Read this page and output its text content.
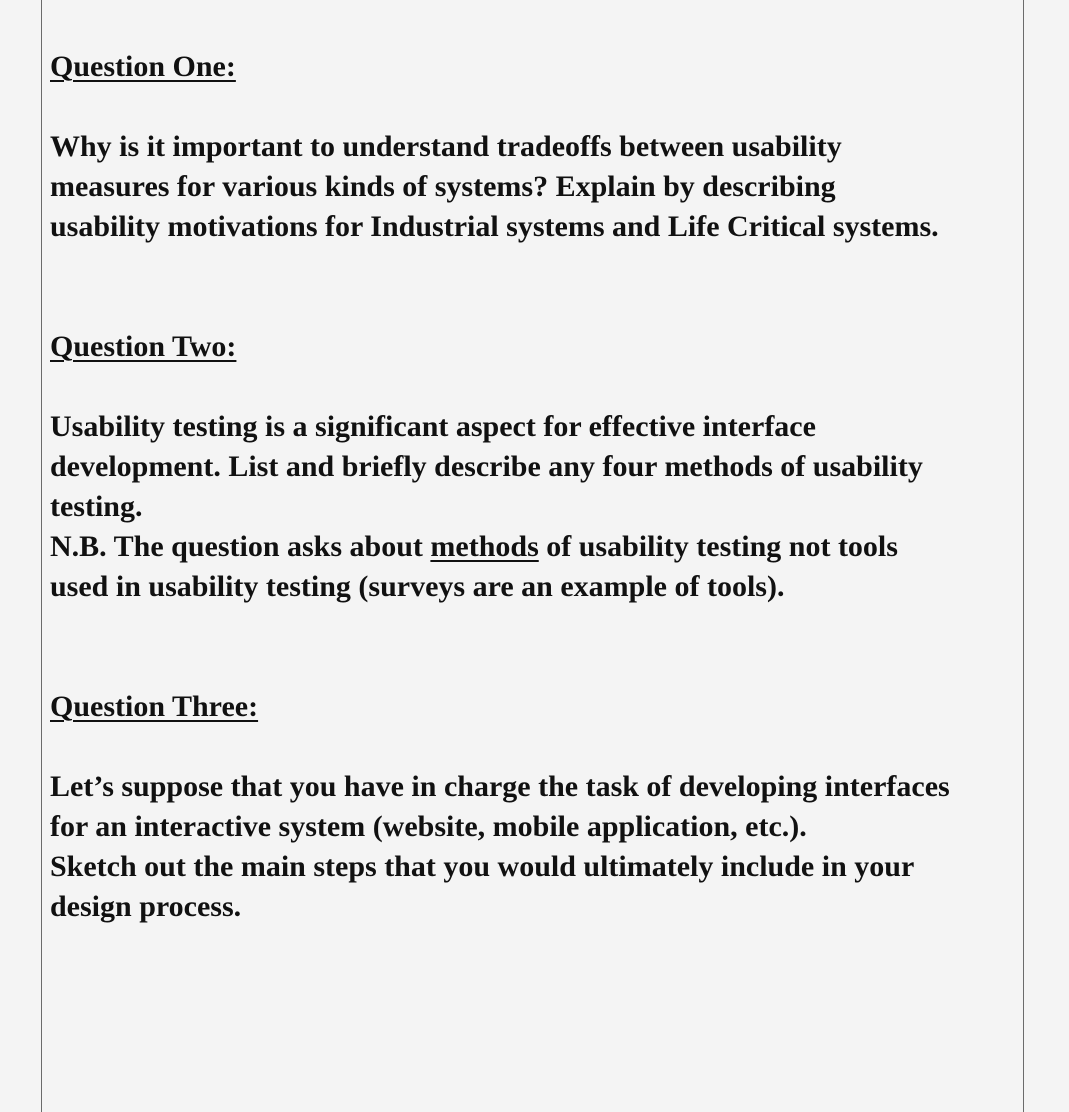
Question One:
Why is it important to understand tradeoffs between usability
measures for various kinds of systems? Explain by describing
usability motivations for Industrial systems and Life Critical systems.
Question Two:
Usability testing is a significant aspect for effective interface
development. List and briefly describe any four methods of usability
testing.
N.B. The question asks about methods of usability testing not tools
used in usability testing (surveys are an example of tools).
Question Three:
Let’s suppose that you have in charge the task of developing interfaces
for an interactive system (website, mobile application, etc.).
Sketch out the main steps that you would ultimately include in your
design process.
